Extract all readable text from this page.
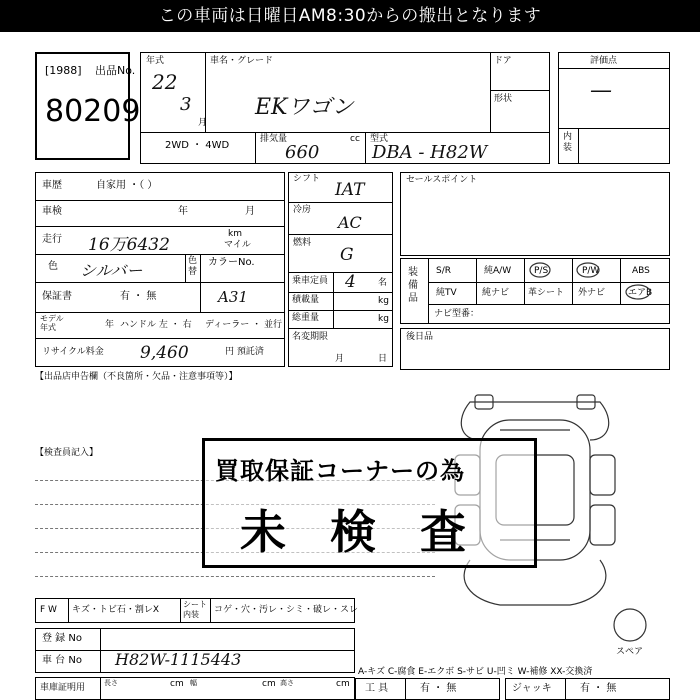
この車両は日曜日AM8:30からの搬出となります
[1988] 出品No.
80209
年式
22
3
月
車名・グレード
EKワゴン
ドア
形状
2WD ・ 4WD
排気量	cc
660
型式
DBA - H82W
評価点
—
内装
車歴	自家用 ・（ ）
車検	年	月
走行 16万6432
km
マイル
色 シルバー	色替
カラーNo.
保証書	有 ・ 無	A31
モデル年式	年 ハンドル 左 ・ 右 ディーラー ・ 並行
リサイクル料金 9,460	円 預託済
シフト
IAT
冷房
AC
燃料
G
乗車定員 4 名
積載量	kg
総重量	kg
名変期限
月	日
セールスポイント
装備品
S/R	純A/W	P/S	P/W	ABS
純TV	純ナビ 革シート 外ナビ	エアB
ナビ型番：
後日品
【出品店申告欄（不良箇所・欠品・注意事項等）】
【検査員記入】
スペア
買取保証コーナーの為
未 検 査
F W キズ・トビ石・割レX
シート内装	コゲ・穴・汚レ・シミ・破レ・スレ
登 録 No
車 台 No H82W-1115443
車庫証明用	長さ	cm 幅	cm 高さ	cm
A-キズ C-腐食 E-エクボ S-サビ U-凹ミ W-補修 XX-交換済
工 具	有 ・ 無	ジャッキ	有 ・ 無
